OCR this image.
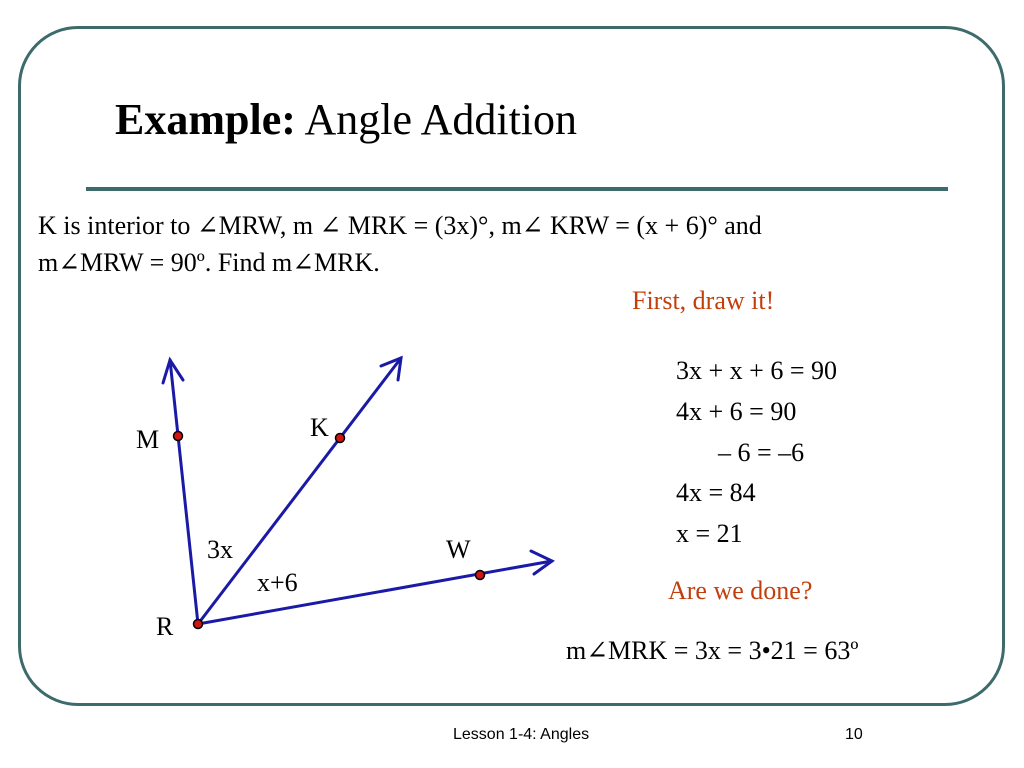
Example: Angle Addition
K is interior to ∠MRW, m ∠ MRK = (3x)°, m∠ KRW = (x + 6)° and
m∠MRW = 90º. Find m∠MRK.
First, draw it!
3x + x + 6 = 90
4x + 6 = 90
– 6 = –6
4x = 84
x = 21
Are we done?
m∠MRK = 3x = 3•21 = 63º
M	K
W
R
3x
x+6
Lesson 1-4: Angles	10
